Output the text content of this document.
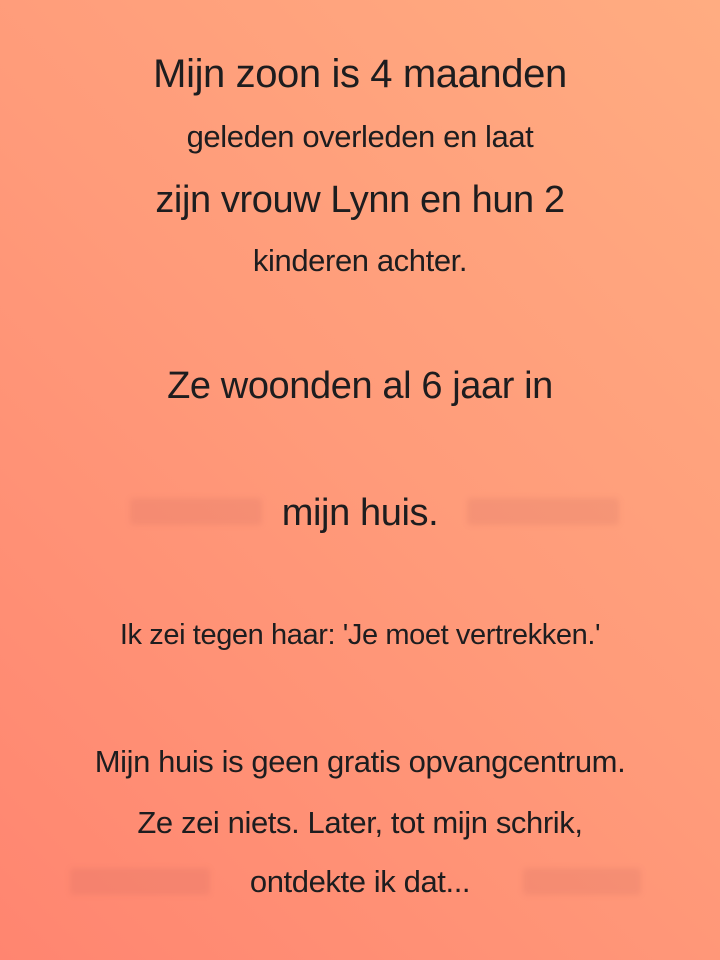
Mijn zoon is 4 maanden
geleden overleden en laat
zijn vrouw Lynn en hun 2
kinderen achter.
Ze woonden al 6 jaar in
mijn huis.
Ik zei tegen haar: 'Je moet vertrekken.'
Mijn huis is geen gratis opvangcentrum.
Ze zei niets. Later, tot mijn schrik,
ontdekte ik dat...
